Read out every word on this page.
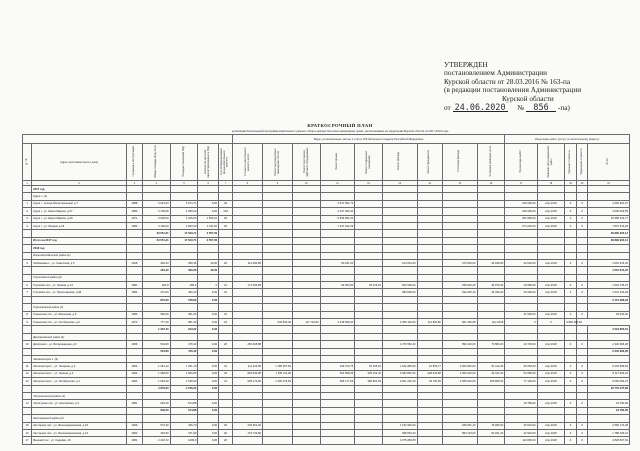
УТВЕРЖДЕН
постановлением Администрации
Курской области от 28.03.2016 № 163-па
(в редакции постановления Администрации
Курской области
от 24.06.2020 № 856 -па)
КРАТКОСРОЧНЫЙ ПЛАН
реализации Региональной программы капитального ремонта общего имущества в многоквартирных домах, расположенных на территории Курской области, на 2017-2019 годы
							Виды, установленные частью 1 статьи 166 Жилищного кодекса Российской Федерации									Иные виды работ (услуг) по капитальному ремонту				
№ п/п	Адрес многоквартирного дома	Год ввода в эксплуатацию	Общая площадь МКД, всего	Площадь помещений МКД	Количество жителей, зарегистрированных в МКД	Способ формирования фонда капитального ремонта	Стоимость капитального ремонта, всего	Ремонт внутридомовых инженерных систем	Ремонт или замена лифтового оборудования	Ремонт крыши	Ремонт подвальных помещений	Ремонт фасада	Ремонт фундамента	Утепление фасада	Установка приборов учета	Прочие виды работ	Плановая дата завершения работ	Удельная стоимость	Предельная стоимость	Итого
1	2	3	4	5	6	7	8	9	10	11	12	13	14	15	16	17	18	19	20	21
	2017 год																			
	Курск г. (1)																			
1	Курск г., проезд Магистральный, д.7	1988	6 913,63	5 974,71	0,00	30				4 547 651,72						226 090,00	Апр 2018	0	0	4 600 991,97
2	Курск г., ул. Карла Маркса, д.67	1980	6 700,95	4 359,60	0,00	133				4 107 936,40						236 069,00	Апр 2018	0	0	4 006 063,55
3	Курск г., ул. Карла Маркса, д.69	1971	6 636,00	4 415,60	1 500,10	30				5 833 851,00						251 890,00	Апр 2018	0	0	10 358 419,77
4	Курск г., ул. Ленина, д.18	1983	4 100,00	2 903,30	1 011,60	36				7 237 192,29						274 240,00	Апр 2018	0	0	7 807 613,26
			23 551,31	17 643,71	2 557,00															26 890 903,14
	Итого на 2017 год		23 551,31	17 643,71	2 557,00															26 890 903,14
	2018 год																			
	Большесолдатский район (1)																			
5	Любимовка с., ул. Советская, д.5	1948	494,40	390,36	40,00	20	114 280,85			60 181,20		614 051,20		670 000,00	34 188,00	20 020,00	Апр 2018	0	0	1 661 615,45
			494,40	390,36	40,00															1 661 615,45
	Глушковский район (3)																			
6	Глушково пос., ул. Ленина, д.14	1981	361,8	480,4	0	21	171 093,85			69 664,50	35 276,43	600 560,00		259 623,20	35 079,40	13 680,00	Апр 2018	0	0	1 604 735,97
7	Глушково пос., ул. Пролетарская, д.38	1984	474,00	460,40	0,00	21						984 830,00		294 205,10	34 326,20	23 900,00	Апр 2018	0	0	1 547 232,26
			870,00	768,90	0,00															3 151 968,23
	Горшеченский район (2)																			
8	Горшечное пос., ул. Школьная, д.3	1983	560,00	491,20	0,00	21										31 560,00	Апр 2018	0	0	93 000,00
9	Горшечное пос., ул. Октябрьская, д.6	1970	777,40	681,30	0,00	1/1		246 832,40	117 744,00	2 418 596,00		1 956 120,00	111 832,80	601 165,68	Апр 2018	0	0	4 852 180,62		
			1 337,40	913,22	0,00															4 524 855,61
	Дмитриевский район (1)																			
10	Дмитриев г., ул. Ветеринарная, д.6	1959	504,80	476,40	0,00	20	250 408,88					1 076 552,40		896 140,00	73 883,20	20 745,00	Апр 2018	0	0	2 340 996,28
			504,80	476,40	0,00															2 340 996,28
	Железногорск г. (4)																			
11	Железногорск г., ул. Гагарина, д.4	1962	1 361,10	1 251,10	0,00	41	211 423,08	1 185 367,81		139 472,75	54 105,24	1 642 280,00	12 879,77	2 004 991,00	52 412,06	60 252,00	Апр 2018	0	0	5 240 689,84
12	Железногорск г., ул. Ленина, д.2	1964	1 968,80	1 906,80	0,00	40	894 640,98	1 395 114,90		504 898,93	335 103,42	3 683 806,46	228 943,68	2 009 400,60	32 441,00	54 680,00	Апр 2018	0	0	8 117 906,22
13	Железногорск г., ул. Октябрьская, д.1	1964	1 549,30	1 548,30	0,00	41	905 173,90	1 390 079,69		905 177,66	380 964,03	2 601 215,19	46 734,09	2 565 042,00	396 859,00	77 400,00	Апр 2018	0	0	6 060 094,07
			4 879,20	4 706,20	0,00															22 779 475,68
	Золотухинский район (1)																			
14	Золотухино пос., ул. Шоссейная, д.4	1981	649,20	514,88	0,00											18 780,00	Апр 2018	0	0	18 780,00
			649,20	514,88	0,00															18 780,00
	Касторенский район (2)																			
15	Касторное пос., ул. Железнодорожная, д.19	1969	572,30	445,70	0,00	20	226 961,40					1 152 930,00		948 361,10	79 066,00	26 610,00	Апр 2018	0	0	2 584 173,48
16	Касторное пос., ул. Железнодорожная, д.13	1963	446,50	371,90	0,00	20	173 744,80					668 816,40		864 125,00	60 031,20	22 940,00	Апр 2018	0	0	1 788 163,24
17	Вышний пос., ул. Садовая, 16	1981	2 232,72	1299,9	0,00	20						4 075 283,58				114 836,00	Апр 2018	0	0	4 828 827,81
